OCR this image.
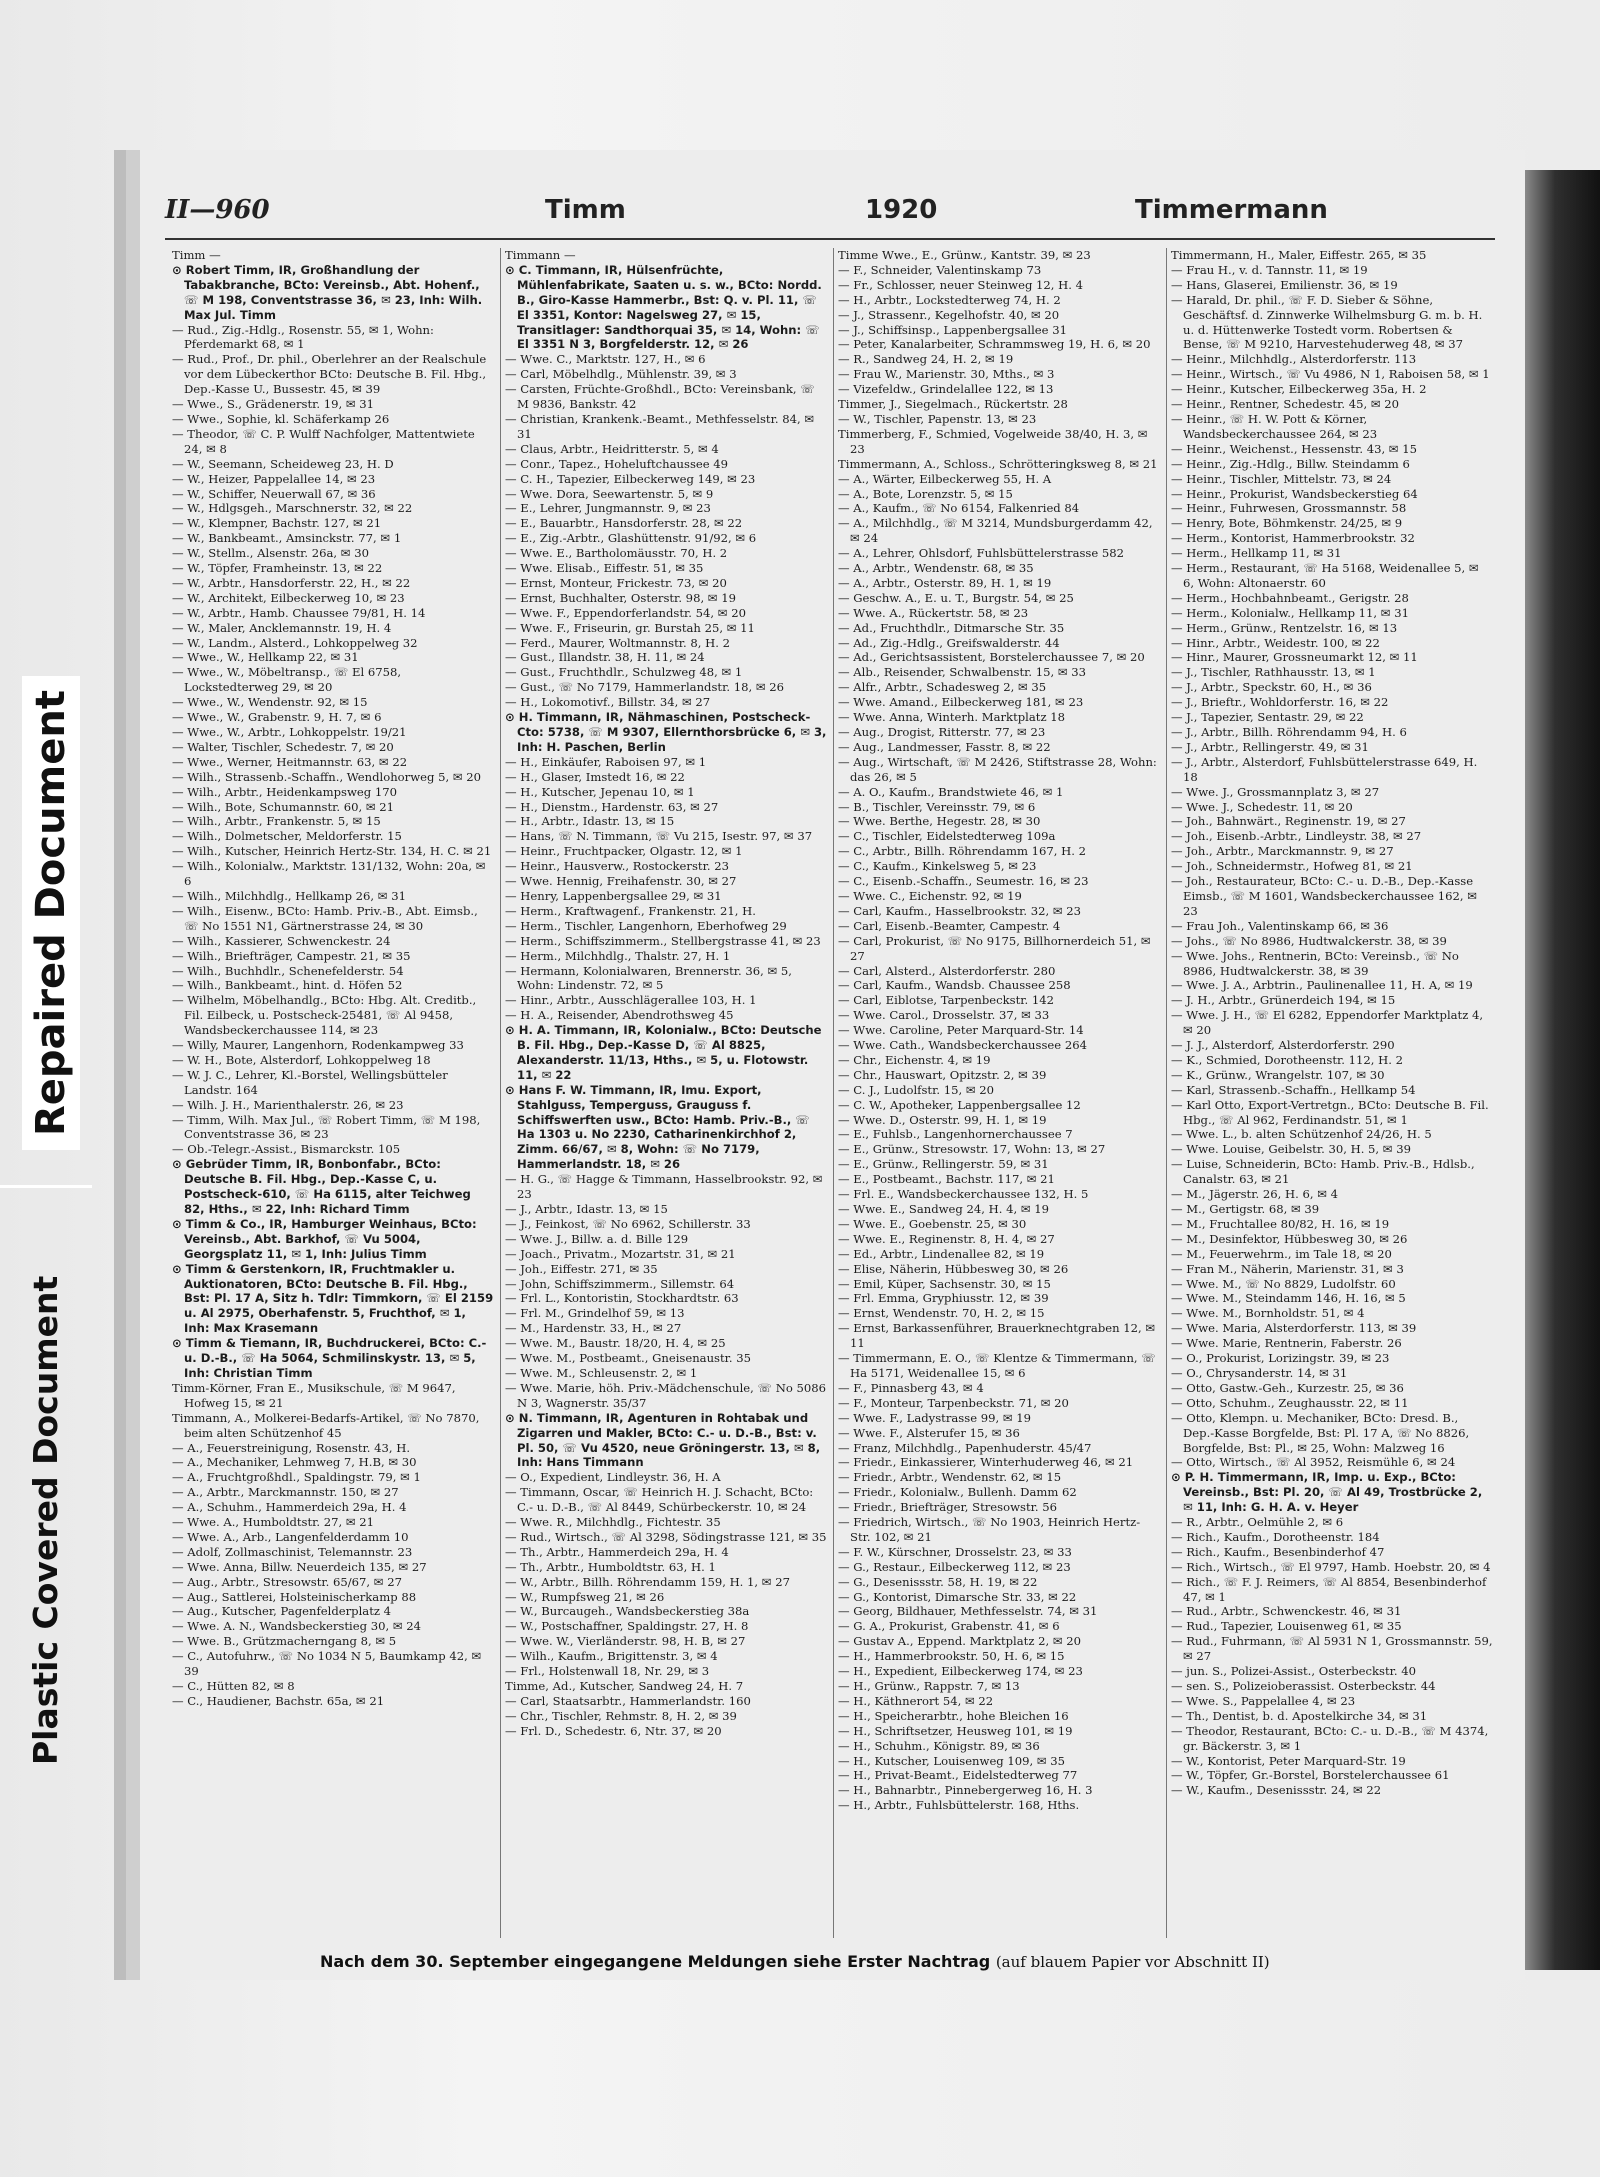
Repaired Document
Plastic Covered Document
II—960	Timm	1920	Timmermann

Timm —

⊙ Robert Timm, IR, Großhandlung der Tabakbranche, BCto: Vereinsb., Abt. Hohenf., ☏ M 198, Conventstrasse 36, ✉ 23, Inh: Wilh. Max Jul. Timm

— Rud., Zig.-Hdlg., Rosenstr. 55, ✉ 1, Wohn: Pferdemarkt 68, ✉ 1

— Rud., Prof., Dr. phil., Oberlehrer an der Realschule vor dem Lübeckerthor BCto: Deutsche B. Fil. Hbg., Dep.-Kasse U., Bussestr. 45, ✉ 39

— Wwe., S., Grädenerstr. 19, ✉ 31

— Wwe., Sophie, kl. Schäferkamp 26

— Theodor, ☏ C. P. Wulff Nachfolger, Mattentwiete 24, ✉ 8

— W., Seemann, Scheideweg 23, H. D

— W., Heizer, Pappelallee 14, ✉ 23

— W., Schiffer, Neuerwall 67, ✉ 36

— W., Hdlgsgeh., Marschnerstr. 32, ✉ 22

— W., Klempner, Bachstr. 127, ✉ 21

— W., Bankbeamt., Amsinckstr. 77, ✉ 1

— W., Stellm., Alsenstr. 26a, ✉ 30

— W., Töpfer, Framheinstr. 13, ✉ 22

— W., Arbtr., Hansdorferstr. 22, H., ✉ 22

— W., Architekt, Eilbeckerweg 10, ✉ 23

— W., Arbtr., Hamb. Chaussee 79/81, H. 14

— W., Maler, Ancklemannstr. 19, H. 4

— W., Landm., Alsterd., Lohkoppelweg 32

— Wwe., W., Hellkamp 22, ✉ 31

— Wwe., W., Möbeltransp., ☏ El 6758, Lockstedterweg 29, ✉ 20

— Wwe., W., Wendenstr. 92, ✉ 15

— Wwe., W., Grabenstr. 9, H. 7, ✉ 6

— Wwe., W., Arbtr., Lohkoppelstr. 19/21

— Walter, Tischler, Schedestr. 7, ✉ 20

— Wwe., Werner, Heitmannstr. 63, ✉ 22

— Wilh., Strassenb.-Schaffn., Wendlohorweg 5, ✉ 20

— Wilh., Arbtr., Heidenkampsweg 170

— Wilh., Bote, Schumannstr. 60, ✉ 21

— Wilh., Arbtr., Frankenstr. 5, ✉ 15

— Wilh., Dolmetscher, Meldorferstr. 15

— Wilh., Kutscher, Heinrich Hertz-Str. 134, H. C. ✉ 21

— Wilh., Kolonialw., Marktstr. 131/132, Wohn: 20a, ✉ 6

— Wilh., Milchhdlg., Hellkamp 26, ✉ 31

— Wilh., Eisenw., BCto: Hamb. Priv.-B., Abt. Eimsb., ☏ No 1551 N1, Gärtnerstrasse 24, ✉ 30

— Wilh., Kassierer, Schwenckestr. 24

— Wilh., Briefträger, Campestr. 21, ✉ 35

— Wilh., Buchhdlr., Schenefelderstr. 54

— Wilh., Bankbeamt., hint. d. Höfen 52

— Wilhelm, Möbelhandlg., BCto: Hbg. Alt. Creditb., Fil. Eilbeck, u. Postscheck-25481, ☏ Al 9458, Wandsbeckerchaussee 114, ✉ 23

— Willy, Maurer, Langenhorn, Rodenkampweg 33

— W. H., Bote, Alsterdorf, Lohkoppelweg 18

— W. J. C., Lehrer, Kl.-Borstel, Wellingsbütteler Landstr. 164

— Wilh. J. H., Marienthalerstr. 26, ✉ 23

— Timm, Wilh. Max Jul., ☏ Robert Timm, ☏ M 198, Conventstrasse 36, ✉ 23

— Ob.-Telegr.-Assist., Bismarckstr. 105

⊙ Gebrüder Timm, IR, Bonbonfabr., BCto: Deutsche B. Fil. Hbg., Dep.-Kasse C, u. Postscheck-610, ☏ Ha 6115, alter Teichweg 82, Hths., ✉ 22, Inh: Richard Timm

⊙ Timm & Co., IR, Hamburger Weinhaus, BCto: Vereinsb., Abt. Barkhof, ☏ Vu 5004, Georgsplatz 11, ✉ 1, Inh: Julius Timm

⊙ Timm & Gerstenkorn, IR, Fruchtmakler u. Auktionatoren, BCto: Deutsche B. Fil. Hbg., Bst: Pl. 17 A, Sitz h. Tdlr: Timmkorn, ☏ El 2159 u. Al 2975, Oberhafenstr. 5, Fruchthof, ✉ 1, Inh: Max Krasemann

⊙ Timm & Tiemann, IR, Buchdruckerei, BCto: C.- u. D.-B., ☏ Ha 5064, Schmilinskystr. 13, ✉ 5, Inh: Christian Timm

Timm-Körner, Fran E., Musikschule, ☏ M 9647, Hofweg 15, ✉ 21

Timmann, A., Molkerei-Bedarfs-Artikel, ☏ No 7870, beim alten Schützenhof 45

— A., Feuerstreinigung, Rosenstr. 43, H.

— A., Mechaniker, Lehmweg 7, H.B, ✉ 30

— A., Fruchtgroßhdl., Spaldingstr. 79, ✉ 1

— A., Arbtr., Marckmannstr. 150, ✉ 27

— A., Schuhm., Hammerdeich 29a, H. 4

— Wwe. A., Humboldtstr. 27, ✉ 21

— Wwe. A., Arb., Langenfelderdamm 10

— Adolf, Zollmaschinist, Telemannstr. 23

— Wwe. Anna, Billw. Neuerdeich 135, ✉ 27

— Aug., Arbtr., Stresowstr. 65/67, ✉ 27

— Aug., Sattlerei, Holsteinischerkamp 88

— Aug., Kutscher, Pagenfelderplatz 4

— Wwe. A. N., Wandsbeckerstieg 30, ✉ 24

— Wwe. B., Grützmacherngang 8, ✉ 5

— C., Autofuhrw., ☏ No 1034 N 5, Baumkamp 42, ✉ 39

— C., Hütten 82, ✉ 8

— C., Haudiener, Bachstr. 65a, ✉ 21

Timmann —

⊙ C. Timmann, IR, Hülsenfrüchte, Mühlenfabrikate, Saaten u. s. w., BCto: Nordd. B., Giro-Kasse Hammerbr., Bst: Q. v. Pl. 11, ☏ El 3351, Kontor: Nagelsweg 27, ✉ 15, Transitlager: Sandthorquai 35, ✉ 14, Wohn: ☏ El 3351 N 3, Borgfelderstr. 12, ✉ 26

— Wwe. C., Marktstr. 127, H., ✉ 6

— Carl, Möbelhdlg., Mühlenstr. 39, ✉ 3

— Carsten, Früchte-Großhdl., BCto: Vereinsbank, ☏ M 9836, Bankstr. 42

— Christian, Krankenk.-Beamt., Methfesselstr. 84, ✉ 31

— Claus, Arbtr., Heidritterstr. 5, ✉ 4

— Conr., Tapez., Hoheluftchaussee 49

— C. H., Tapezier, Eilbeckerweg 149, ✉ 23

— Wwe. Dora, Seewartenstr. 5, ✉ 9

— E., Lehrer, Jungmannstr. 9, ✉ 23

— E., Bauarbtr., Hansdorferstr. 28, ✉ 22

— E., Zig.-Arbtr., Glashüttenstr. 91/92, ✉ 6

— Wwe. E., Bartholomäusstr. 70, H. 2

— Wwe. Elisab., Eiffestr. 51, ✉ 35

— Ernst, Monteur, Frickestr. 73, ✉ 20

— Ernst, Buchhalter, Osterstr. 98, ✉ 19

— Wwe. F., Eppendorferlandstr. 54, ✉ 20

— Wwe. F., Friseurin, gr. Burstah 25, ✉ 11

— Ferd., Maurer, Woltmannstr. 8, H. 2

— Gust., Illandstr. 38, H. 11, ✉ 24

— Gust., Fruchthdlr., Schulzweg 48, ✉ 1

— Gust., ☏ No 7179, Hammerlandstr. 18, ✉ 26

— H., Lokomotivf., Billstr. 34, ✉ 27

⊙ H. Timmann, IR, Nähmaschinen, Postscheck-Cto: 5738, ☏ M 9307, Ellernthorsbrücke 6, ✉ 3, Inh: H. Paschen, Berlin

— H., Einkäufer, Raboisen 97, ✉ 1

— H., Glaser, Imstedt 16, ✉ 22

— H., Kutscher, Jepenau 10, ✉ 1

— H., Dienstm., Hardenstr. 63, ✉ 27

— H., Arbtr., Idastr. 13, ✉ 15

— Hans, ☏ N. Timmann, ☏ Vu 215, Isestr. 97, ✉ 37

— Heinr., Fruchtpacker, Olgastr. 12, ✉ 1

— Heinr., Hausverw., Rostockerstr. 23

— Wwe. Hennig, Freihafenstr. 30, ✉ 27

— Henry, Lappenbergsallee 29, ✉ 31

— Herm., Kraftwagenf., Frankenstr. 21, H.

— Herm., Tischler, Langenhorn, Eberhofweg 29

— Herm., Schiffszimmerm., Stellbergstrasse 41, ✉ 23

— Herm., Milchhdlg., Thalstr. 27, H. 1

— Hermann, Kolonialwaren, Brennerstr. 36, ✉ 5, Wohn: Lindenstr. 72, ✉ 5

— Hinr., Arbtr., Ausschlägerallee 103, H. 1

— H. A., Reisender, Abendrothsweg 45

⊙ H. A. Timmann, IR, Kolonialw., BCto: Deutsche B. Fil. Hbg., Dep.-Kasse D, ☏ Al 8825, Alexanderstr. 11/13, Hths., ✉ 5, u. Flotowstr. 11, ✉ 22

⊙ Hans F. W. Timmann, IR, Imu. Export, Stahlguss, Temperguss, Grauguss f. Schiffswerften usw., BCto: Hamb. Priv.-B., ☏ Ha 1303 u. No 2230, Catharinenkirchhof 2, Zimm. 66/67, ✉ 8, Wohn: ☏ No 7179, Hammerlandstr. 18, ✉ 26

— H. G., ☏ Hagge & Timmann, Hasselbrookstr. 92, ✉ 23

— J., Arbtr., Idastr. 13, ✉ 15

— J., Feinkost, ☏ No 6962, Schillerstr. 33

— Wwe. J., Billw. a. d. Bille 129

— Joach., Privatm., Mozartstr. 31, ✉ 21

— Joh., Eiffestr. 271, ✉ 35

— John, Schiffszimmerm., Sillemstr. 64

— Frl. L., Kontoristin, Stockhardtstr. 63

— Frl. M., Grindelhof 59, ✉ 13

— M., Hardenstr. 33, H., ✉ 27

— Wwe. M., Baustr. 18/20, H. 4, ✉ 25

— Wwe. M., Postbeamt., Gneisenaustr. 35

— Wwe. M., Schleusenstr. 2, ✉ 1

— Wwe. Marie, höh. Priv.-Mädchenschule, ☏ No 5086 N 3, Wagnerstr. 35/37

⊙ N. Timmann, IR, Agenturen in Rohtabak und Zigarren und Makler, BCto: C.- u. D.-B., Bst: v. Pl. 50, ☏ Vu 4520, neue Gröningerstr. 13, ✉ 8, Inh: Hans Timmann

— O., Expedient, Lindleystr. 36, H. A

— Timmann, Oscar, ☏ Heinrich H. J. Schacht, BCto: C.- u. D.-B., ☏ Al 8449, Schürbeckerstr. 10, ✉ 24

— Wwe. R., Milchhdlg., Fichtestr. 35

— Rud., Wirtsch., ☏ Al 3298, Södingstrasse 121, ✉ 35

— Th., Arbtr., Hammerdeich 29a, H. 4

— Th., Arbtr., Humboldtstr. 63, H. 1

— W., Arbtr., Billh. Röhrendamm 159, H. 1, ✉ 27

— W., Rumpfsweg 21, ✉ 26

— W., Burcaugeh., Wandsbeckerstieg 38a

— W., Postschaffner, Spaldingstr. 27, H. 8

— Wwe. W., Vierländerstr. 98, H. B, ✉ 27

— Wilh., Kaufm., Brigittenstr. 3, ✉ 4

— Frl., Holstenwall 18, Nr. 29, ✉ 3

Timme, Ad., Kutscher, Sandweg 24, H. 7

— Carl, Staatsarbtr., Hammerlandstr. 160

— Chr., Tischler, Rehmstr. 8, H. 2, ✉ 39

— Frl. D., Schedestr. 6, Ntr. 37, ✉ 20

Timme Wwe., E., Grünw., Kantstr. 39, ✉ 23

— F., Schneider, Valentinskamp 73

— Fr., Schlosser, neuer Steinweg 12, H. 4

— H., Arbtr., Lockstedterweg 74, H. 2

— J., Strassenr., Kegelhofstr. 40, ✉ 20

— J., Schiffsinsp., Lappenbergsallee 31

— Peter, Kanalarbeiter, Schrammsweg 19, H. 6, ✉ 20

— R., Sandweg 24, H. 2, ✉ 19

— Frau W., Marienstr. 30, Mths., ✉ 3

— Vizefeldw., Grindelallee 122, ✉ 13

Timmer, J., Siegelmach., Rückertstr. 28

— W., Tischler, Papenstr. 13, ✉ 23

Timmerberg, F., Schmied, Vogelweide 38/40, H. 3, ✉ 23

Timmermann, A., Schloss., Schrötteringksweg 8, ✉ 21

— A., Wärter, Eilbeckerweg 55, H. A

— A., Bote, Lorenzstr. 5, ✉ 15

— A., Kaufm., ☏ No 6154, Falkenried 84

— A., Milchhdlg., ☏ M 3214, Mundsburgerdamm 42, ✉ 24

— A., Lehrer, Ohlsdorf, Fuhlsbüttelerstrasse 582

— A., Arbtr., Wendenstr. 68, ✉ 35

— A., Arbtr., Osterstr. 89, H. 1, ✉ 19

— Geschw. A., E. u. T., Burgstr. 54, ✉ 25

— Wwe. A., Rückertstr. 58, ✉ 23

— Ad., Fruchthdlr., Ditmarsche Str. 35

— Ad., Zig.-Hdlg., Greifswalderstr. 44

— Ad., Gerichtsassistent, Borstelerchaussee 7, ✉ 20

— Alb., Reisender, Schwalbenstr. 15, ✉ 33

— Alfr., Arbtr., Schadesweg 2, ✉ 35

— Wwe. Amand., Eilbeckerweg 181, ✉ 23

— Wwe. Anna, Winterh. Marktplatz 18

— Aug., Drogist, Ritterstr. 77, ✉ 23

— Aug., Landmesser, Fasstr. 8, ✉ 22

— Aug., Wirtschaft, ☏ M 2426, Stiftstrasse 28, Wohn: das 26, ✉ 5

— A. O., Kaufm., Brandstwiete 46, ✉ 1

— B., Tischler, Vereinsstr. 79, ✉ 6

— Wwe. Berthe, Hegestr. 28, ✉ 30

— C., Tischler, Eidelstedterweg 109a

— C., Arbtr., Billh. Röhrendamm 167, H. 2

— C., Kaufm., Kinkelsweg 5, ✉ 23

— C., Eisenb.-Schaffn., Seumestr. 16, ✉ 23

— Wwe. C., Eichenstr. 92, ✉ 19

— Carl, Kaufm., Hasselbrookstr. 32, ✉ 23

— Carl, Eisenb.-Beamter, Campestr. 4

— Carl, Prokurist, ☏ No 9175, Billhornerdeich 51, ✉ 27

— Carl, Alsterd., Alsterdorferstr. 280

— Carl, Kaufm., Wandsb. Chaussee 258

— Carl, Eiblotse, Tarpenbeckstr. 142

— Wwe. Carol., Drosselstr. 37, ✉ 33

— Wwe. Caroline, Peter Marquard-Str. 14

— Wwe. Cath., Wandsbeckerchaussee 264

— Chr., Eichenstr. 4, ✉ 19

— Chr., Hauswart, Opitzstr. 2, ✉ 39

— C. J., Ludolfstr. 15, ✉ 20

— C. W., Apotheker, Lappenbergsallee 12

— Wwe. D., Osterstr. 99, H. 1, ✉ 19

— E., Fuhlsb., Langenhornerchaussee 7

— E., Grünw., Stresowstr. 17, Wohn: 13, ✉ 27

— E., Grünw., Rellingerstr. 59, ✉ 31

— E., Postbeamt., Bachstr. 117, ✉ 21

— Frl. E., Wandsbeckerchaussee 132, H. 5

— Wwe. E., Sandweg 24, H. 4, ✉ 19

— Wwe. E., Goebenstr. 25, ✉ 30

— Wwe. E., Reginenstr. 8, H. 4, ✉ 27

— Ed., Arbtr., Lindenallee 82, ✉ 19

— Elise, Näherin, Hübbesweg 30, ✉ 26

— Emil, Küper, Sachsenstr. 30, ✉ 15

— Frl. Emma, Gryphiusstr. 12, ✉ 39

— Ernst, Wendenstr. 70, H. 2, ✉ 15

— Ernst, Barkassenführer, Brauerknechtgraben 12, ✉ 11

— Timmermann, E. O., ☏ Klentze & Timmermann, ☏ Ha 5171, Weidenallee 15, ✉ 6

— F., Pinnasberg 43, ✉ 4

— F., Monteur, Tarpenbeckstr. 71, ✉ 20

— Wwe. F., Ladystrasse 99, ✉ 19

— Wwe. F., Alsterufer 15, ✉ 36

— Franz, Milchhdlg., Papenhuderstr. 45/47

— Friedr., Einkassierer, Winterhuderweg 46, ✉ 21

— Friedr., Arbtr., Wendenstr. 62, ✉ 15

— Friedr., Kolonialw., Bullenh. Damm 62

— Friedr., Briefträger, Stresowstr. 56

— Friedrich, Wirtsch., ☏ No 1903, Heinrich Hertz-Str. 102, ✉ 21

— F. W., Kürschner, Drosselstr. 23, ✉ 33

— G., Restaur., Eilbeckerweg 112, ✉ 23

— G., Desenissstr. 58, H. 19, ✉ 22

— G., Kontorist, Dimarsche Str. 33, ✉ 22

— Georg, Bildhauer, Methfesselstr. 74, ✉ 31

— G. A., Prokurist, Grabenstr. 41, ✉ 6

— Gustav A., Eppend. Marktplatz 2, ✉ 20

— H., Hammerbrookstr. 50, H. 6, ✉ 15

— H., Expedient, Eilbeckerweg 174, ✉ 23

— H., Grünw., Rappstr. 7, ✉ 13

— H., Käthnerort 54, ✉ 22

— H., Speicherarbtr., hohe Bleichen 16

— H., Schriftsetzer, Heusweg 101, ✉ 19

— H., Schuhm., Königstr. 89, ✉ 36

— H., Kutscher, Louisenweg 109, ✉ 35

— H., Privat-Beamt., Eidelstedterweg 77

— H., Bahnarbtr., Pinnebergerweg 16, H. 3

— H., Arbtr., Fuhlsbüttelerstr. 168, Hths.

Timmermann, H., Maler, Eiffestr. 265, ✉ 35

— Frau H., v. d. Tannstr. 11, ✉ 19

— Hans, Glaserei, Emilienstr. 36, ✉ 19

— Harald, Dr. phil., ☏ F. D. Sieber & Söhne, Geschäftsf. d. Zinnwerke Wilhelmsburg G. m. b. H. u. d. Hüttenwerke Tostedt vorm. Robertsen & Bense, ☏ M 9210, Harvestehuderweg 48, ✉ 37

— Heinr., Milchhdlg., Alsterdorferstr. 113

— Heinr., Wirtsch., ☏ Vu 4986, N 1, Raboisen 58, ✉ 1

— Heinr., Kutscher, Eilbeckerweg 35a, H. 2

— Heinr., Rentner, Schedestr. 45, ✉ 20

— Heinr., ☏ H. W. Pott & Körner, Wandsbeckerchaussee 264, ✉ 23

— Heinr., Weichenst., Hessenstr. 43, ✉ 15

— Heinr., Zig.-Hdlg., Billw. Steindamm 6

— Heinr., Tischler, Mittelstr. 73, ✉ 24

— Heinr., Prokurist, Wandsbeckerstieg 64

— Heinr., Fuhrwesen, Grossmannstr. 58

— Henry, Bote, Böhmkenstr. 24/25, ✉ 9

— Herm., Kontorist, Hammerbrookstr. 32

— Herm., Hellkamp 11, ✉ 31

— Herm., Restaurant, ☏ Ha 5168, Weidenallee 5, ✉ 6, Wohn: Altonaerstr. 60

— Herm., Hochbahnbeamt., Gerigstr. 28

— Herm., Kolonialw., Hellkamp 11, ✉ 31

— Herm., Grünw., Rentzelstr. 16, ✉ 13

— Hinr., Arbtr., Weidestr. 100, ✉ 22

— Hinr., Maurer, Grossneumarkt 12, ✉ 11

— J., Tischler, Rathhausstr. 13, ✉ 1

— J., Arbtr., Speckstr. 60, H., ✉ 36

— J., Brieftr., Wohldorferstr. 16, ✉ 22

— J., Tapezier, Sentastr. 29, ✉ 22

— J., Arbtr., Billh. Röhrendamm 94, H. 6

— J., Arbtr., Rellingerstr. 49, ✉ 31

— J., Arbtr., Alsterdorf, Fuhlsbüttelerstrasse 649, H. 18

— Wwe. J., Grossmannplatz 3, ✉ 27

— Wwe. J., Schedestr. 11, ✉ 20

— Joh., Bahnwärt., Reginenstr. 19, ✉ 27

— Joh., Eisenb.-Arbtr., Lindleystr. 38, ✉ 27

— Joh., Arbtr., Marckmannstr. 9, ✉ 27

— Joh., Schneidermstr., Hofweg 81, ✉ 21

— Joh., Restaurateur, BCto: C.- u. D.-B., Dep.-Kasse Eimsb., ☏ M 1601, Wandsbeckerchaussee 162, ✉ 23

— Frau Joh., Valentinskamp 66, ✉ 36

— Johs., ☏ No 8986, Hudtwalckerstr. 38, ✉ 39

— Wwe. Johs., Rentnerin, BCto: Vereinsb., ☏ No 8986, Hudtwalckerstr. 38, ✉ 39

— Wwe. J. A., Arbtrin., Paulinenallee 11, H. A, ✉ 19

— J. H., Arbtr., Grünerdeich 194, ✉ 15

— Wwe. J. H., ☏ El 6282, Eppendorfer Marktplatz 4, ✉ 20

— J. J., Alsterdorf, Alsterdorferstr. 290

— K., Schmied, Dorotheenstr. 112, H. 2

— K., Grünw., Wrangelstr. 107, ✉ 30

— Karl, Strassenb.-Schaffn., Hellkamp 54

— Karl Otto, Export-Vertretgn., BCto: Deutsche B. Fil. Hbg., ☏ Al 962, Ferdinandstr. 51, ✉ 1

— Wwe. L., b. alten Schützenhof 24/26, H. 5

— Wwe. Louise, Geibelstr. 30, H. 5, ✉ 39

— Luise, Schneiderin, BCto: Hamb. Priv.-B., Hdlsb., Canalstr. 63, ✉ 21

— M., Jägerstr. 26, H. 6, ✉ 4

— M., Gertigstr. 68, ✉ 39

— M., Fruchtallee 80/82, H. 16, ✉ 19

— M., Desinfektor, Hübbesweg 30, ✉ 26

— M., Feuerwehrm., im Tale 18, ✉ 20

— Fran M., Näherin, Marienstr. 31, ✉ 3

— Wwe. M., ☏ No 8829, Ludolfstr. 60

— Wwe. M., Steindamm 146, H. 16, ✉ 5

— Wwe. M., Bornholdstr. 51, ✉ 4

— Wwe. Maria, Alsterdorferstr. 113, ✉ 39

— Wwe. Marie, Rentnerin, Faberstr. 26

— O., Prokurist, Lorizingstr. 39, ✉ 23

— O., Chrysanderstr. 14, ✉ 31

— Otto, Gastw.-Geh., Kurzestr. 25, ✉ 36

— Otto, Schuhm., Zeughausstr. 22, ✉ 11

— Otto, Klempn. u. Mechaniker, BCto: Dresd. B., Dep.-Kasse Borgfelde, Bst: Pl. 17 A, ☏ No 8826, Borgfelde, Bst: Pl., ✉ 25, Wohn: Malzweg 16

— Otto, Wirtsch., ☏ Al 3952, Reismühle 6, ✉ 24

⊙ P. H. Timmermann, IR, Imp. u. Exp., BCto: Vereinsb., Bst: Pl. 20, ☏ Al 49, Trostbrücke 2, ✉ 11, Inh: G. H. A. v. Heyer

— R., Arbtr., Oelmühle 2, ✉ 6

— Rich., Kaufm., Dorotheenstr. 184

— Rich., Kaufm., Besenbinderhof 47

— Rich., Wirtsch., ☏ El 9797, Hamb. Hoebstr. 20, ✉ 4

— Rich., ☏ F. J. Reimers, ☏ Al 8854, Besenbinderhof 47, ✉ 1

— Rud., Arbtr., Schwenckestr. 46, ✉ 31

— Rud., Tapezier, Louisenweg 61, ✉ 35

— Rud., Fuhrmann, ☏ Al 5931 N 1, Grossmannstr. 59, ✉ 27

— jun. S., Polizei-Assist., Osterbeckstr. 40

— sen. S., Polizeioberassist. Osterbeckstr. 44

— Wwe. S., Pappelallee 4, ✉ 23

— Th., Dentist, b. d. Apostelkirche 34, ✉ 31

— Theodor, Restaurant, BCto: C.- u. D.-B., ☏ M 4374, gr. Bäckerstr. 3, ✉ 1

— W., Kontorist, Peter Marquard-Str. 19

— W., Töpfer, Gr.-Borstel, Borstelerchaussee 61

— W., Kaufm., Desenissstr. 24, ✉ 22

Nach dem 30. September eingegangene Meldungen siehe Erster Nachtrag (auf blauem Papier vor Abschnitt II)
